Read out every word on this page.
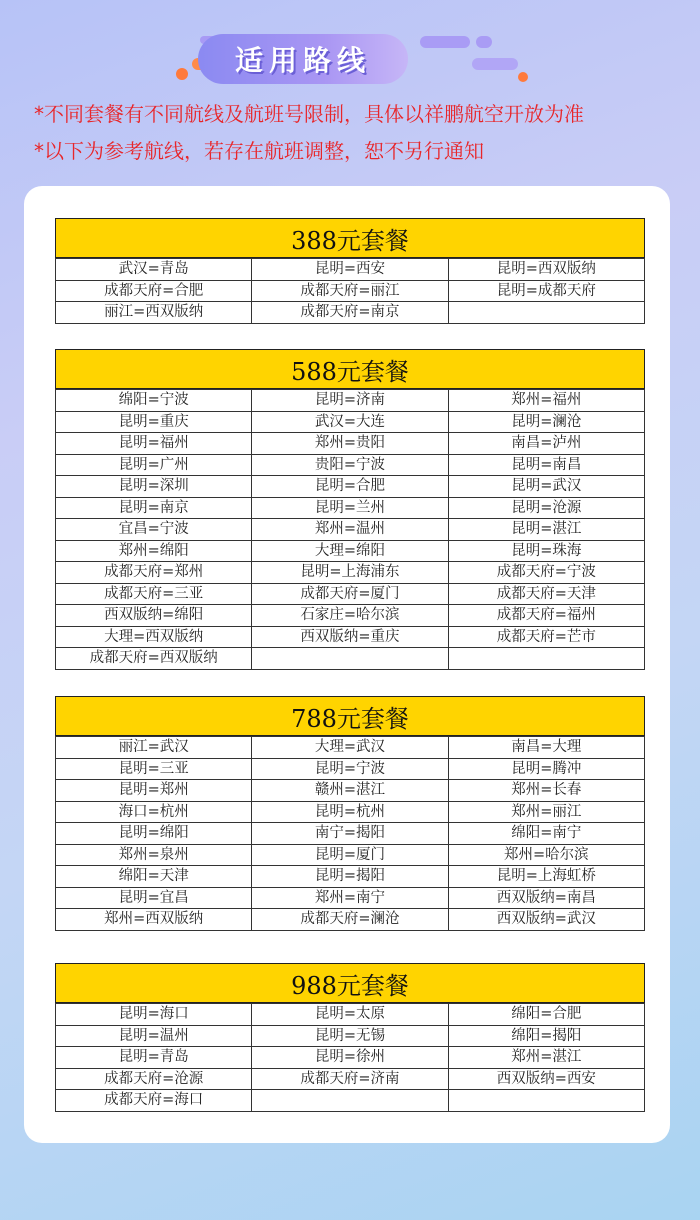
适用路线
*不同套餐有不同航线及航班号限制，具体以祥鹏航空开放为准
*以下为参考航线，若存在航班调整，恕不另行通知
388元套餐
武汉=青岛	昆明=西安	昆明=西双版纳
成都天府=合肥	成都天府=丽江	昆明=成都天府
丽江=西双版纳	成都天府=南京	
588元套餐
绵阳=宁波	昆明=济南	郑州=福州
昆明=重庆	武汉=大连	昆明=澜沧
昆明=福州	郑州=贵阳	南昌=泸州
昆明=广州	贵阳=宁波	昆明=南昌
昆明=深圳	昆明=合肥	昆明=武汉
昆明=南京	昆明=兰州	昆明=沧源
宜昌=宁波	郑州=温州	昆明=湛江
郑州=绵阳	大理=绵阳	昆明=珠海
成都天府=郑州	昆明=上海浦东	成都天府=宁波
成都天府=三亚	成都天府=厦门	成都天府=天津
西双版纳=绵阳	石家庄=哈尔滨	成都天府=福州
大理=西双版纳	西双版纳=重庆	成都天府=芒市
成都天府=西双版纳		
788元套餐
丽江=武汉	大理=武汉	南昌=大理
昆明=三亚	昆明=宁波	昆明=腾冲
昆明=郑州	赣州=湛江	郑州=长春
海口=杭州	昆明=杭州	郑州=丽江
昆明=绵阳	南宁=揭阳	绵阳=南宁
郑州=泉州	昆明=厦门	郑州=哈尔滨
绵阳=天津	昆明=揭阳	昆明=上海虹桥
昆明=宜昌	郑州=南宁	西双版纳=南昌
郑州=西双版纳	成都天府=澜沧	西双版纳=武汉
988元套餐
昆明=海口	昆明=太原	绵阳=合肥
昆明=温州	昆明=无锡	绵阳=揭阳
昆明=青岛	昆明=徐州	郑州=湛江
成都天府=沧源	成都天府=济南	西双版纳=西安
成都天府=海口		
